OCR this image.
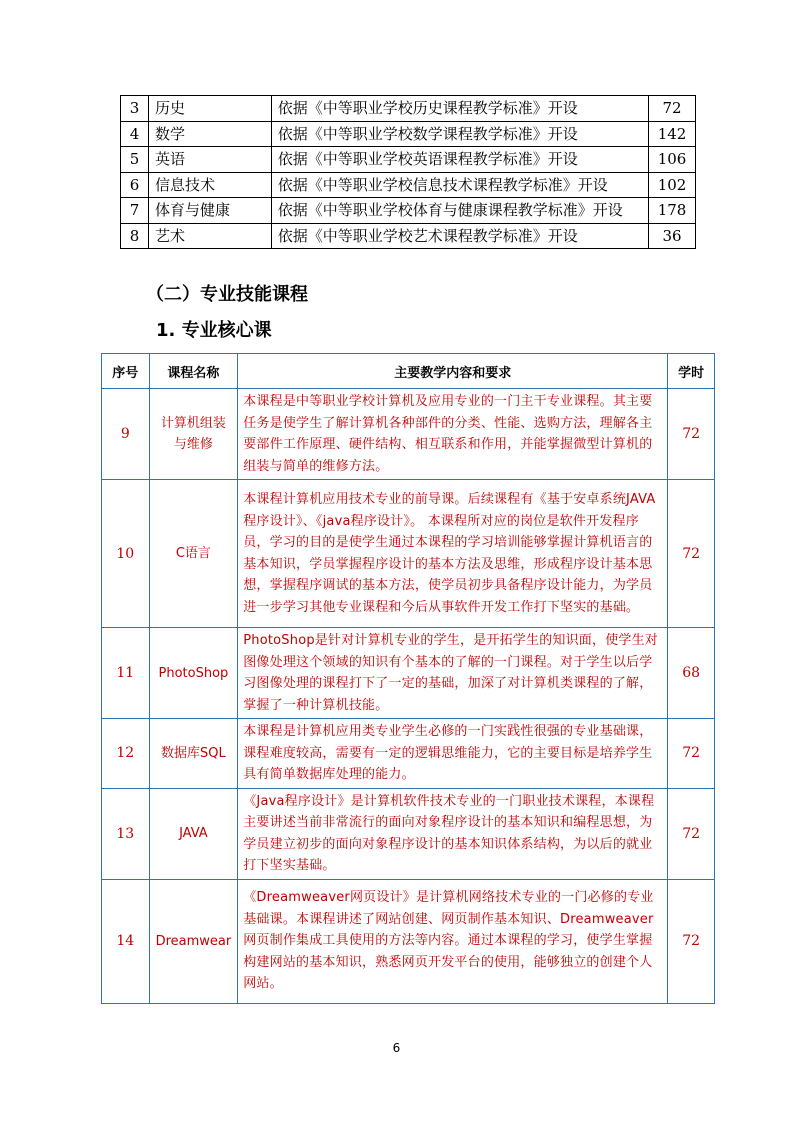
3	历史	依据《中等职业学校历史课程教学标准》开设	72
4	数学	依据《中等职业学校数学课程教学标准》开设	142
5	英语	依据《中等职业学校英语课程教学标准》开设	106
6	信息技术	依据《中等职业学校信息技术课程教学标准》开设	102
7	体育与健康	依据《中等职业学校体育与健康课程教学标准》开设	178
8	艺术	依据《中等职业学校艺术课程教学标准》开设	36
（二）专业技能课程
1. 专业核心课
序号	课程名称	主要教学内容和要求	学时
9	计算机组装与维修	本课程是中等职业学校计算机及应用专业的一门主干专业课程。其主要任务是使学生了解计算机各种部件的分类、性能、选购方法，理解各主要部件工作原理、硬件结构、相互联系和作用，并能掌握微型计算机的组装与简单的维修方法。	72
10	C语言	本课程计算机应用技术专业的前导课。后续课程有《基于安卓系统JAVA程序设计》、《java程序设计》。 本课程所对应的岗位是软件开发程序员，学习的目的是使学生通过本课程的学习培训能够掌握计算机语言的基本知识，学员掌握程序设计的基本方法及思维，形成程序设计基本思想，掌握程序调试的基本方法，使学员初步具备程序设计能力，为学员进一步学习其他专业课程和今后从事软件开发工作打下坚实的基础。	72
11	PhotoShop	PhotoShop是针对计算机专业的学生，是开拓学生的知识面，使学生对图像处理这个领域的知识有个基本的了解的一门课程。对于学生以后学习图像处理的课程打下了一定的基础，加深了对计算机类课程的了解，掌握了一种计算机技能。	68
12	数据库SQL	本课程是计算机应用类专业学生必修的一门实践性很强的专业基础课，课程难度较高，需要有一定的逻辑思维能力，它的主要目标是培养学生具有简单数据库处理的能力。	72
13	JAVA	《Java程序设计》是计算机软件技术专业的一门职业技术课程，本课程主要讲述当前非常流行的面向对象程序设计的基本知识和编程思想，为学员建立初步的面向对象程序设计的基本知识体系结构，为以后的就业打下坚实基础。	72
14	Dreamwear	《Dreamweaver网页设计》是计算机网络技术专业的一门必修的专业基础课。本课程讲述了网站创建、网页制作基本知识、Dreamweaver网页制作集成工具使用的方法等内容。通过本课程的学习，使学生掌握构建网站的基本知识，熟悉网页开发平台的使用，能够独立的创建个人网站。	72
6
